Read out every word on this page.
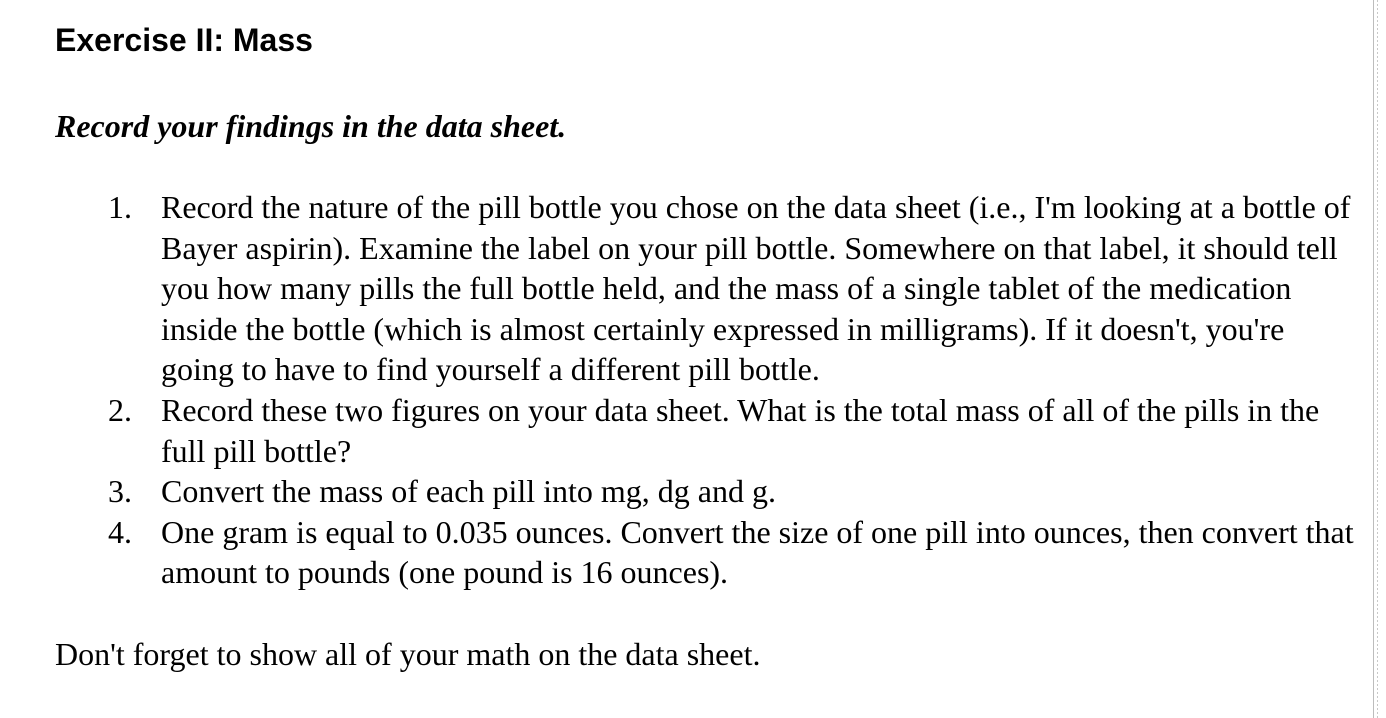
Exercise II: Mass

Record your findings in the data sheet.

1. Record the nature of the pill bottle you chose on the data sheet (i.e., I'm looking at a bottle of Bayer aspirin). Examine the label on your pill bottle. Somewhere on that label, it should tell you how many pills the full bottle held, and the mass of a single tablet of the medication inside the bottle (which is almost certainly expressed in milligrams). If it doesn't, you're going to have to find yourself a different pill bottle.
2. Record these two figures on your data sheet. What is the total mass of all of the pills in the full pill bottle?
3. Convert the mass of each pill into mg, dg and g.
4. One gram is equal to 0.035 ounces. Convert the size of one pill into ounces, then convert that amount to pounds (one pound is 16 ounces).

Don't forget to show all of your math on the data sheet.
